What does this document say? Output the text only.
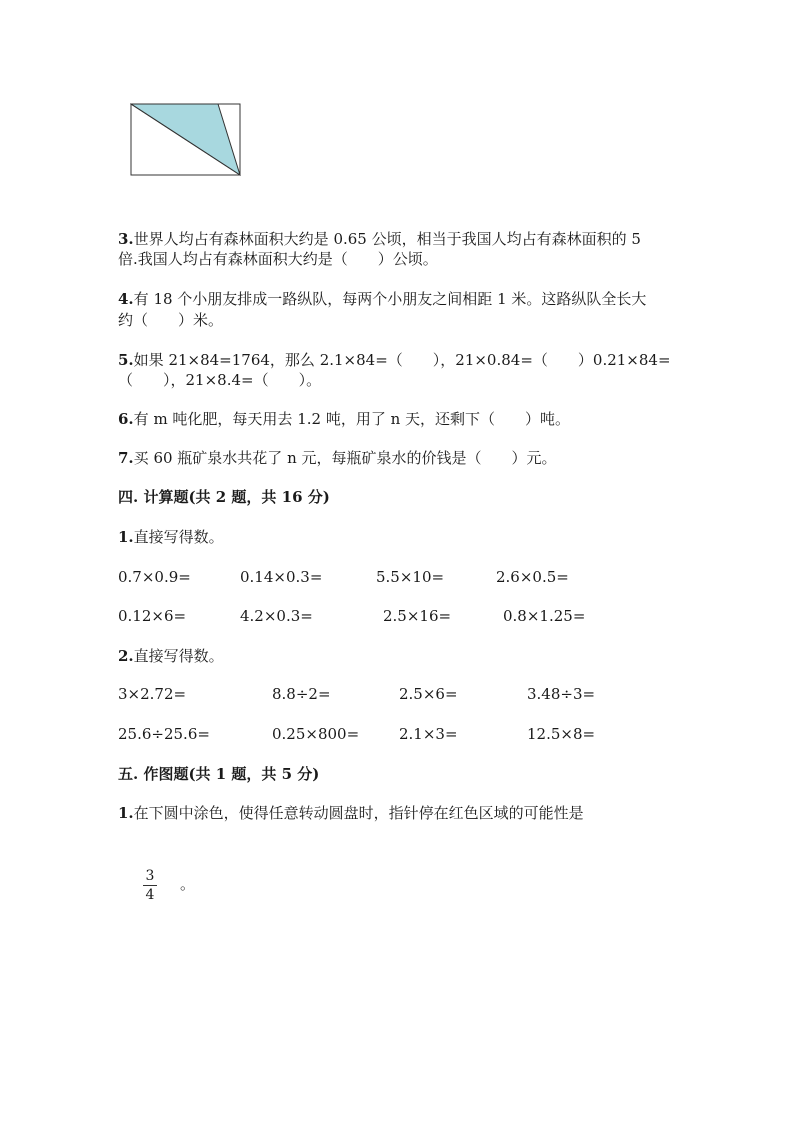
3.世界人均占有森林面积大约是 0.65 公顷，相当于我国人均占有森林面积的 5
倍.我国人均占有森林面积大约是（　　）公顷。
4.有 18 个小朋友排成一路纵队，每两个小朋友之间相距 1 米。这路纵队全长大
约（　　）米。
5.如果 21×84=1764，那么 2.1×84=（　　），21×0.84=（　　）0.21×84=
（　　），21×8.4=（　　）。
6.有 m 吨化肥，每天用去 1.2 吨，用了 n 天，还剩下（　　）吨。
7.买 60 瓶矿泉水共花了 n 元，每瓶矿泉水的价钱是（　　）元。
四. 计算题(共 2 题，共 16 分)
1.直接写得数。
0.7×0.9=	0.14×0.3=	5.5×10=	2.6×0.5=
0.12×6=	4.2×0.3=	2.5×16=	0.8×1.25=
2.直接写得数。
3×2.72=	8.8÷2=	2.5×6=	3.48÷3=
25.6÷25.6=	0.25×800=	2.1×3=	12.5×8=
五. 作图题(共 1 题，共 5 分)
1.在下圆中涂色，使得任意转动圆盘时，指针停在红色区域的可能性是
3
4
。
